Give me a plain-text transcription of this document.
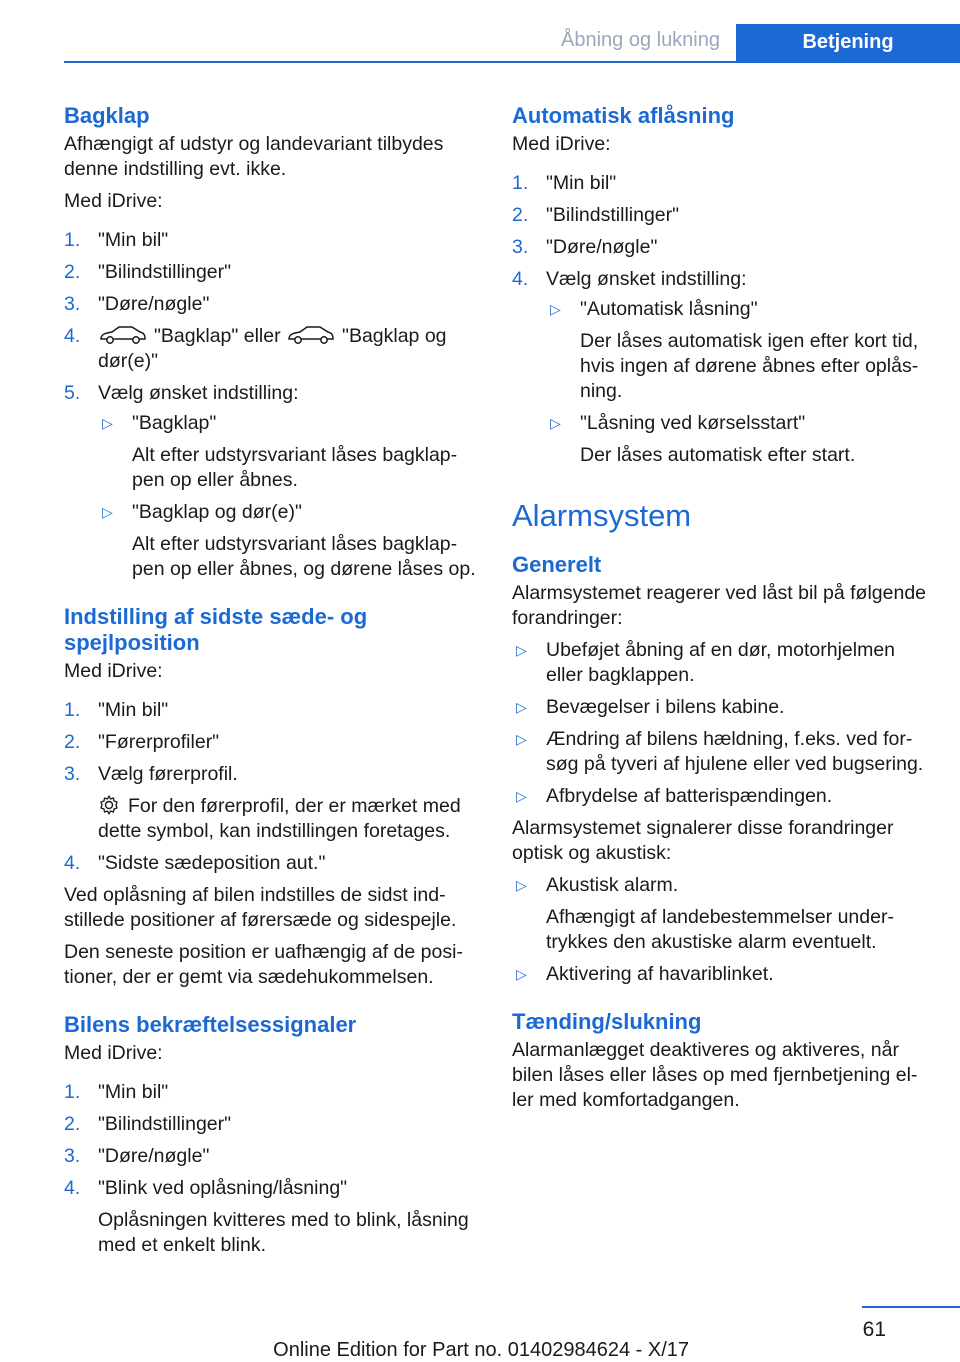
Åbning og lukning	Betjening
Bagklap

Afhængigt af udstyr og landevariant tilbydes denne indstilling evt. ikke.

Med iDrive:

1. "Min bil"
2. "Bilindstillinger"
3. "Døre/nøgle"
4.	"Bagklap" eller	"Bagklap og dør(e)"
5. Vælg ønsket indstilling:
▷ "Bagklap"
Alt efter udstyrsvariant låses bagklappen op eller åbnes.
▷ "Bagklap og dør(e)"
Alt efter udstyrsvariant låses bagklappen op eller åbnes, og dørene låses op.
Indstilling af sidste sæde- og spejlposition

Med iDrive:

1. "Min bil"
2. "Førerprofiler"
3. Vælg førerprofil.
For den førerprofil, der er mærket med dette symbol, kan indstillingen foretages.
4. "Sidste sædeposition aut."

Ved oplåsning af bilen indstilles de sidst indstillede positioner af førersæde og sidespejle.

Den seneste position er uafhængig af de positioner, der er gemt via sædehukommelsen.

Bilens bekræftelsessignaler

Med iDrive:

1. "Min bil"
2. "Bilindstillinger"
3. "Døre/nøgle"
4. "Blink ved oplåsning/låsning"
Oplåsningen kvitteres med to blink, låsning med et enkelt blink.
Automatisk aflåsning

Med iDrive:

1. "Min bil"
2. "Bilindstillinger"
3. "Døre/nøgle"
4. Vælg ønsket indstilling:
▷ "Automatisk låsning"
Der låses automatisk igen efter kort tid, hvis ingen af dørene åbnes efter oplåsning.
▷ "Låsning ved kørselsstart"
Der låses automatisk efter start.
Alarmsystem
Generelt

Alarmsystemet reagerer ved låst bil på følgende forandringer:

▷ Ubeføjet åbning af en dør, motorhjelmen eller bagklappen.
▷ Bevægelser i bilens kabine.
▷ Ændring af bilens hældning, f.eks. ved forsøg på tyveri af hjulene eller ved bugsering.
▷ Afbrydelse af batterispændingen.

Alarmsystemet signalerer disse forandringer optisk og akustisk:

▷ Akustisk alarm.
Afhængigt af landebestemmelser undertrykkes den akustiske alarm eventuelt.
▷ Aktivering af havariblinket.
Tænding/slukning

Alarmanlægget deaktiveres og aktiveres, når bilen låses eller låses op med fjernbetjening eller med komfortadgangen.

61
Online Edition for Part no. 01402984624 - X/17
